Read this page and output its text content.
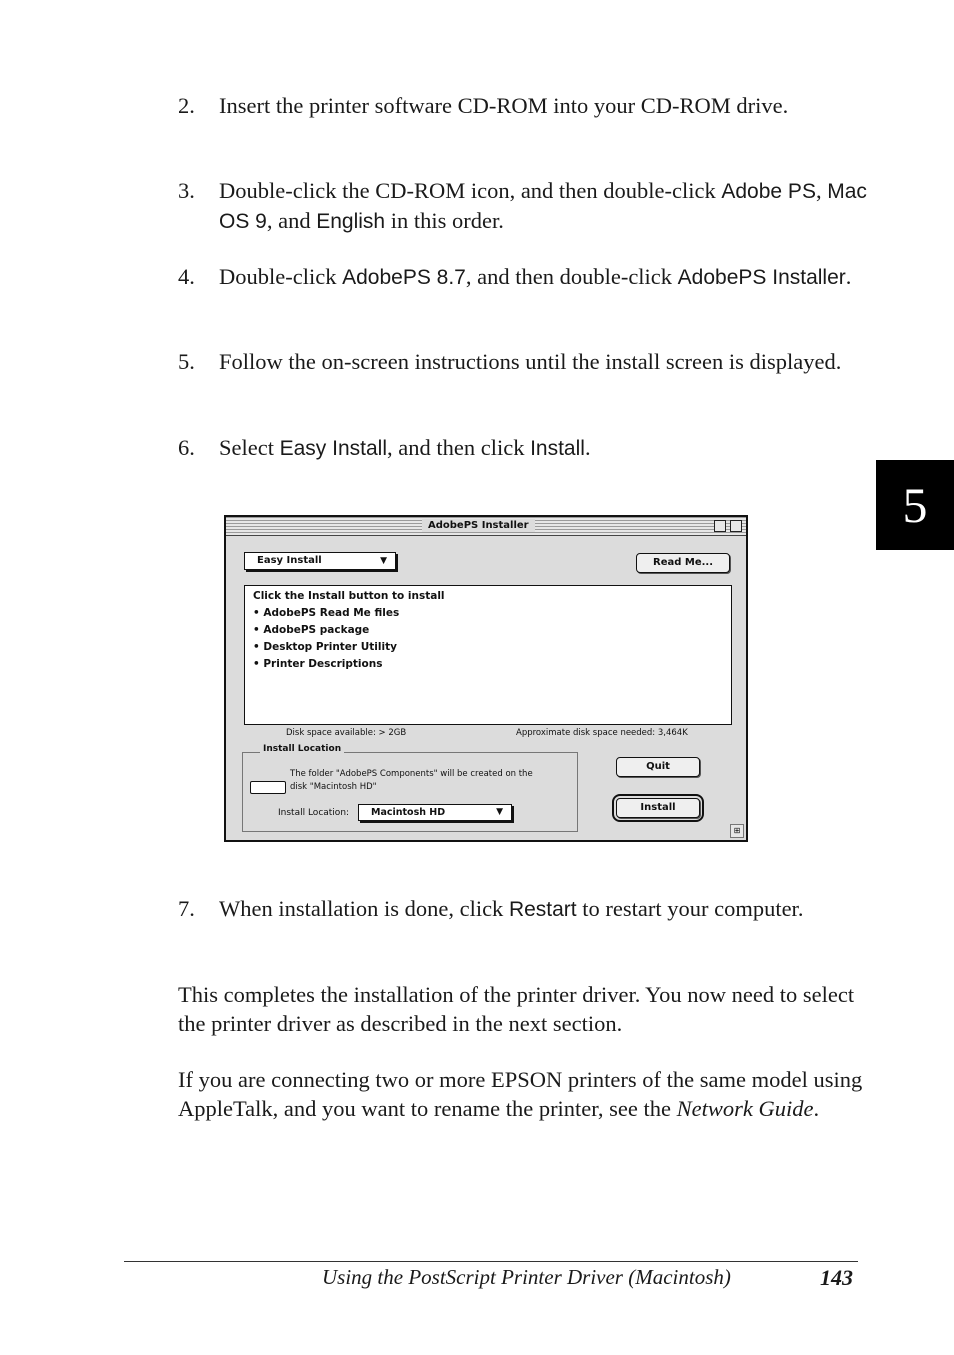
2. Insert the printer software CD-ROM into your CD-ROM drive.
3. Double-click the CD-ROM icon, and then double-click Adobe PS, Mac OS 9, and English in this order.
4. Double-click AdobePS 8.7, and then double-click AdobePS Installer.
5. Follow the on-screen instructions until the install screen is displayed.
6. Select Easy Install, and then click Install.
5
AdobePS Installer
Easy Install	▼	Read Me...
Click the Install button to install
• AdobePS Read Me files
• AdobePS package
• Desktop Printer Utility
• Printer Descriptions
Disk space available: > 2GB	Approximate disk space needed: 3,464K
Install Location
The folder "AdobePS Components" will be created on the
disk "Macintosh HD"
Install Location:	Macintosh HD	▼
Quit
Install
⊞
7. When installation is done, click Restart to restart your computer.
This completes the installation of the printer driver. You now need to select the printer driver as described in the next section.
If you are connecting two or more EPSON printers of the same model using AppleTalk, and you want to rename the printer, see the Network Guide.
Using the PostScript Printer Driver (Macintosh)	143
